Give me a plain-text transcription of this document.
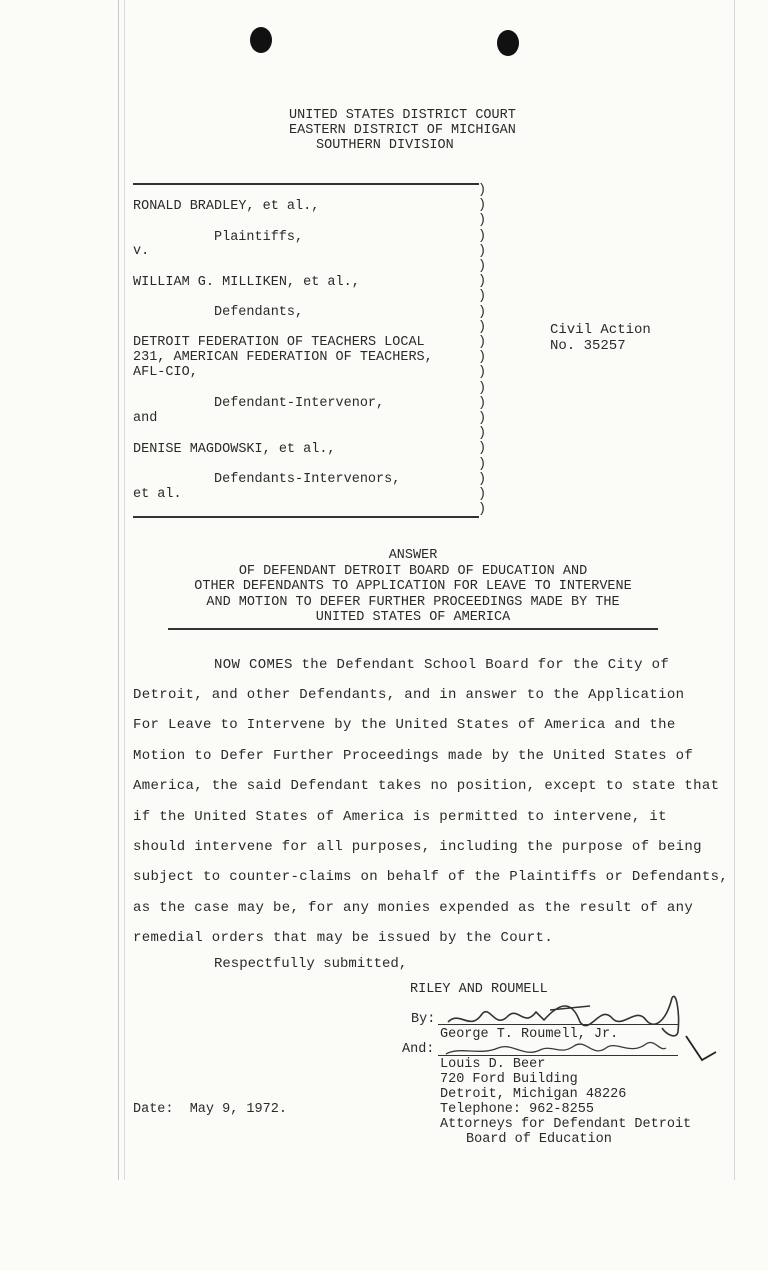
UNITED STATES DISTRICT COURT
EASTERN DISTRICT OF MICHIGAN
SOUTHERN DIVISION
RONALD BRADLEY, et al.,
Plaintiffs,
v.
WILLIAM G. MILLIKEN, et al.,
Defendants,
DETROIT FEDERATION OF TEACHERS LOCAL
231, AMERICAN FEDERATION OF TEACHERS,
AFL-CIO,
Defendant-Intervenor,
and
DENISE MAGDOWSKI, et al.,
Defendants-Intervenors,
et al.
)
)
)
)
)
)
)
)
)
)
)
)
)
)
)
)
)
)
)
)
)
)
Civil Action
No. 35257
ANSWER
OF DEFENDANT DETROIT BOARD OF EDUCATION AND
OTHER DEFENDANTS TO APPLICATION FOR LEAVE TO INTERVENE
AND MOTION TO DEFER FURTHER PROCEEDINGS MADE BY THE
UNITED STATES OF AMERICA
NOW COMES the Defendant School Board for the City of
Detroit, and other Defendants, and in answer to the Application
For Leave to Intervene by the United States of America and the
Motion to Defer Further Proceedings made by the United States of
America, the said Defendant takes no position, except to state that
if the United States of America is permitted to intervene, it
should intervene for all purposes, including the purpose of being
subject to counter-claims on behalf of the Plaintiffs or Defendants,
as the case may be, for any monies expended as the result of any
remedial orders that may be issued by the Court.
Respectfully submitted,
RILEY AND ROUMELL
By:
George T. Roumell, Jr.
And:
Louis D. Beer
720 Ford Building
Detroit, Michigan 48226
Telephone: 962-8255
Attorneys for Defendant Detroit
Board of Education
Date:  May 9, 1972.
